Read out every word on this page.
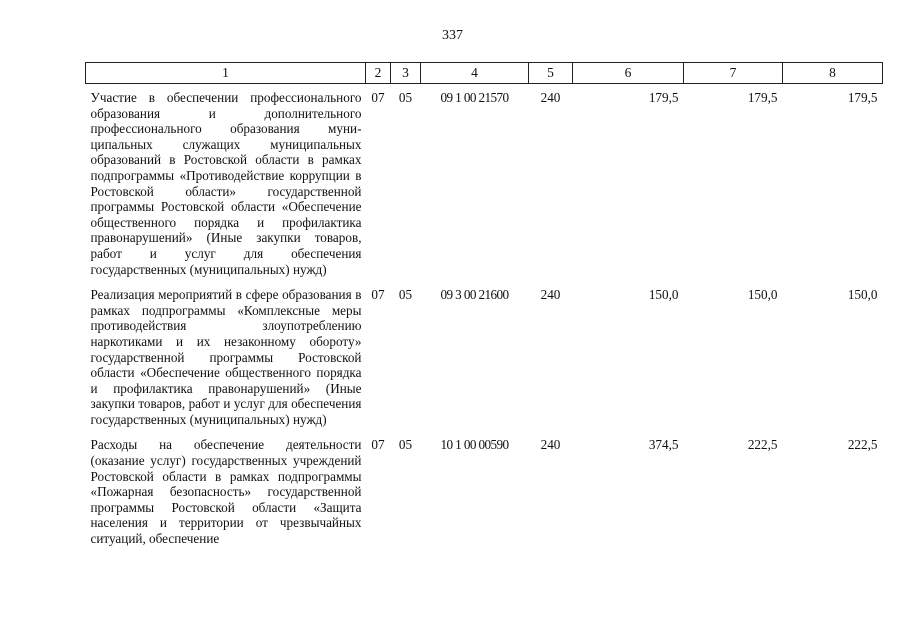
337
1	2	3	4	5	6	7	8
Участие в обеспечении профессионального образования и дополнительного профессионального образования муниципальных служащих муниципальных образований в Ростовской области в рамках подпрограммы «Противодействие коррупции в Ростовской области» государственной программы Ростовской области «Обеспечение общественного порядка и профилактика правонарушений» (Иные закупки товаров, работ и услуг для обеспечения государственных (муниципальных) нужд)	07	05	09 1 00 21570	240	179,5	179,5	179,5
Реализация мероприятий в сфере образования в рамках подпрограммы «Комплексные меры противодействия злоупотреблению наркотиками и их незаконному обороту» государственной программы Ростовской области «Обеспечение общественного порядка и профилактика правонарушений» (Иные закупки товаров, работ и услуг для обеспечения государственных (муниципальных) нужд)	07	05	09 3 00 21600	240	150,0	150,0	150,0
Расходы на обеспечение деятельности (оказание услуг) государственных учреждений Ростовской области в рамках подпрограммы «Пожарная безопасность» государственной программы Ростовской области «Защита населения и территории от чрезвычайных ситуаций, обеспечение	07	05	10 1 00 00590	240	374,5	222,5	222,5
